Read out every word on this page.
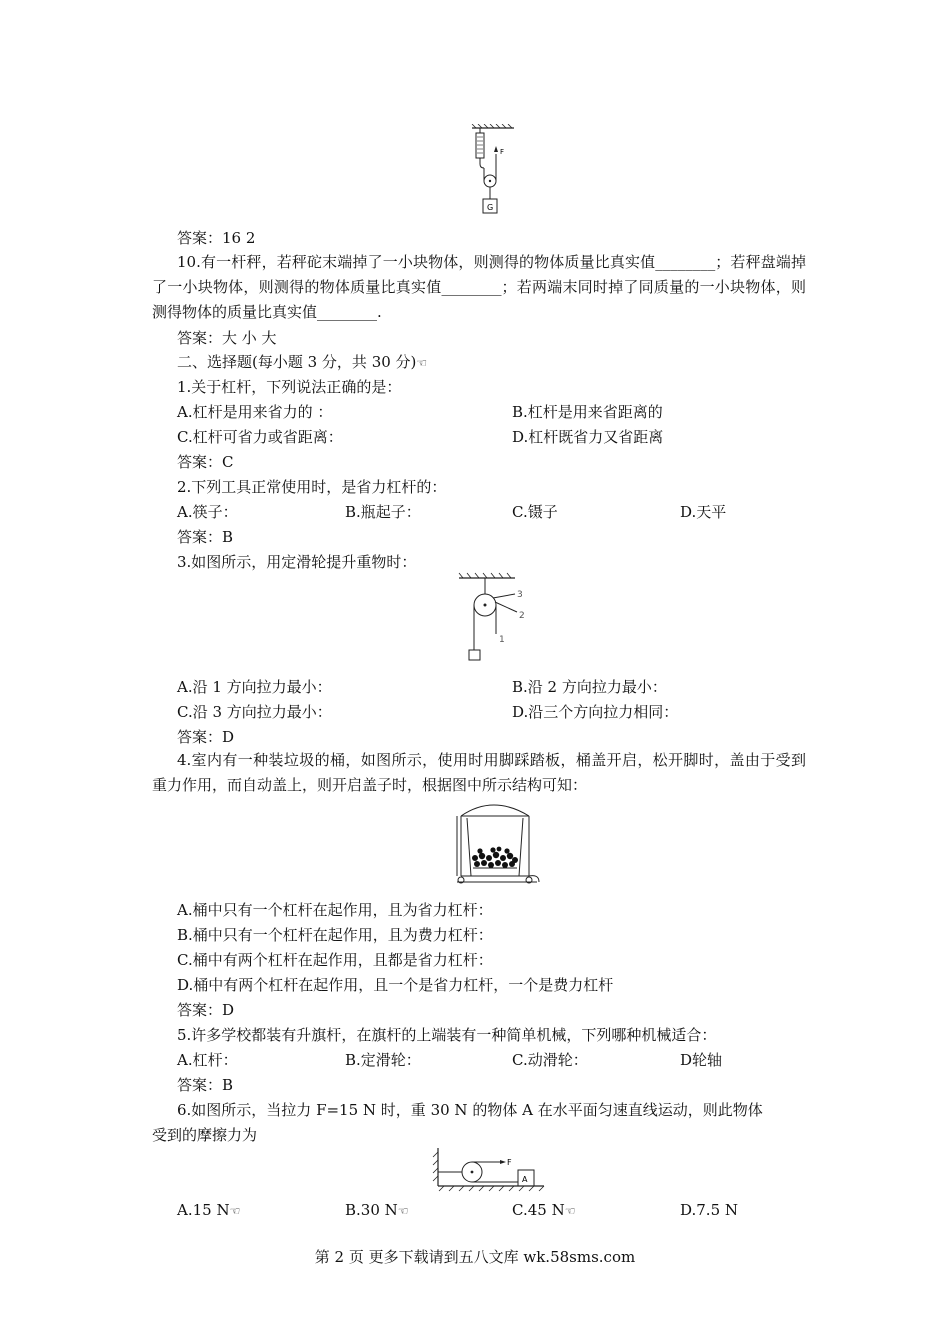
F
G
答案：16 2
10.有一杆秤，若秤砣末端掉了一小块物体，则测得的物体质量比真实值________；若秤盘端掉了一小块物体，则测得的物体质量比真实值________；若两端末同时掉了同质量的一小块物体，则测得物体的质量比真实值________.
答案：大 小 大
二、选择题(每小题 3 分，共 30 分)☜
1.关于杠杆，下列说法正确的是：
A.杠杆是用来省力的 ：	B.杠杆是用来省距离的
C.杠杆可省力或省距离：	D.杠杆既省力又省距离
答案：C
2.下列工具正常使用时，是省力杠杆的：
A.筷子：	B.瓶起子：	C.镊子	D.天平
答案：B
3.如图所示，用定滑轮提升重物时：
3
2
1
A.沿 1 方向拉力最小：	B.沿 2 方向拉力最小：
C.沿 3 方向拉力最小：	D.沿三个方向拉力相同：
答案：D
4.室内有一种装垃圾的桶，如图所示，使用时用脚踩踏板，桶盖开启，松开脚时，盖由于受到重力作用，而自动盖上，则开启盖子时，根据图中所示结构可知：
A.桶中只有一个杠杆在起作用，且为省力杠杆：
B.桶中只有一个杠杆在起作用，且为费力杠杆：
C.桶中有两个杠杆在起作用，且都是省力杠杆：
D.桶中有两个杠杆在起作用，且一个是省力杠杆，一个是费力杠杆
答案：D
5.许多学校都装有升旗杆，在旗杆的上端装有一种简单机械，下列哪种机械适合：
A.杠杆：	B.定滑轮：	C.动滑轮：	D轮轴
答案：B
6.如图所示，当拉力 F=15 N 时，重 30 N 的物体 A 在水平面匀速直线运动，则此物体
受到的摩擦力为
F
A
A.15 N☜	B.30 N☜	C.45 N☜	D.7.5 N
第 2 页 更多下载请到五八文库 wk.58sms.com
